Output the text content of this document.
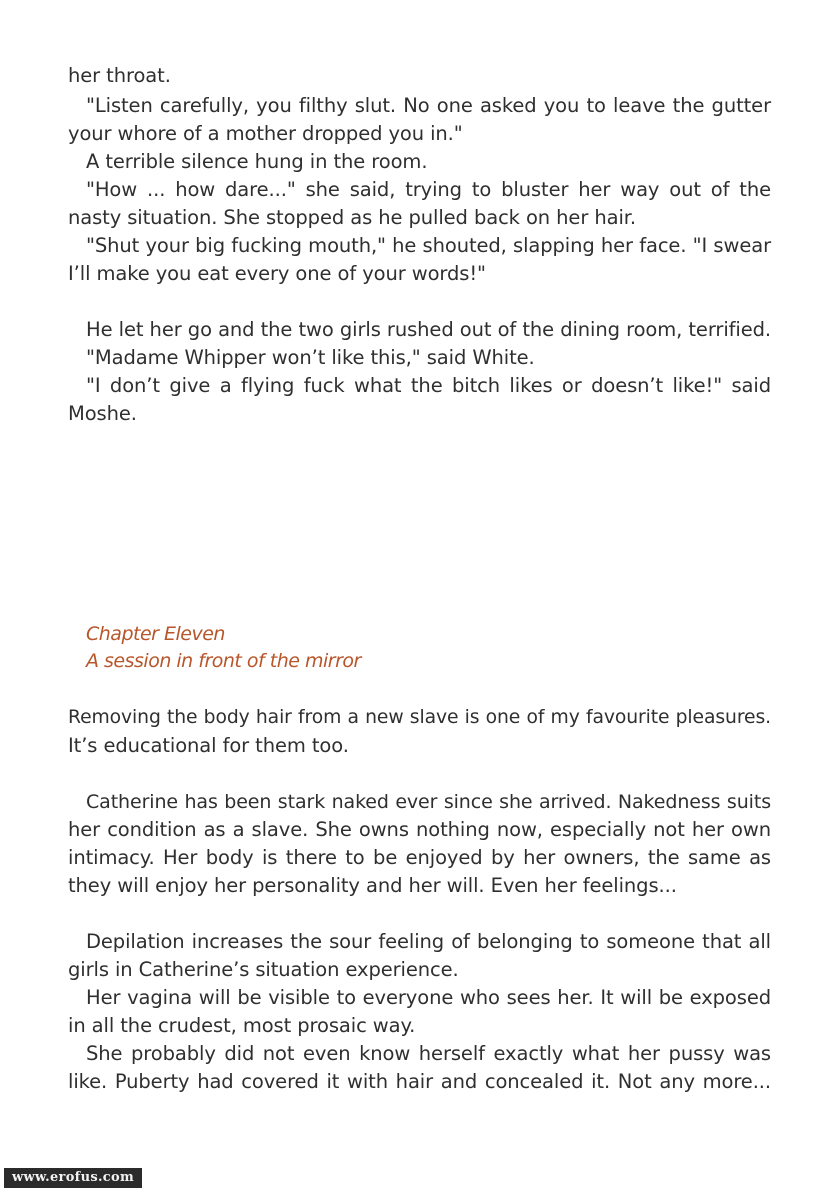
her throat.
"Listen carefully, you filthy slut. No one asked you to leave the gutter
your whore of a mother dropped you in."
A terrible silence hung in the room.
"How ... how dare..." she said, trying to bluster her way out of the
nasty situation. She stopped as he pulled back on her hair.
"Shut your big fucking mouth," he shouted, slapping her face. "I swear
I’ll make you eat every one of your words!"
He let her go and the two girls rushed out of the dining room, terrified.
"Madame Whipper won’t like this," said White.
"I don’t give a flying fuck what the bitch likes or doesn’t like!" said
Moshe.
Chapter Eleven
A session in front of the mirror
Removing the body hair from a new slave is one of my favourite pleasures.
It’s educational for them too.
Catherine has been stark naked ever since she arrived. Nakedness suits
her condition as a slave. She owns nothing now, especially not her own
intimacy. Her body is there to be enjoyed by her owners, the same as
they will enjoy her personality and her will. Even her feelings...
Depilation increases the sour feeling of belonging to someone that all
girls in Catherine’s situation experience.
Her vagina will be visible to everyone who sees her. It will be exposed
in all the crudest, most prosaic way.
She probably did not even know herself exactly what her pussy was
like. Puberty had covered it with hair and concealed it. Not any more...
www.erofus.com
